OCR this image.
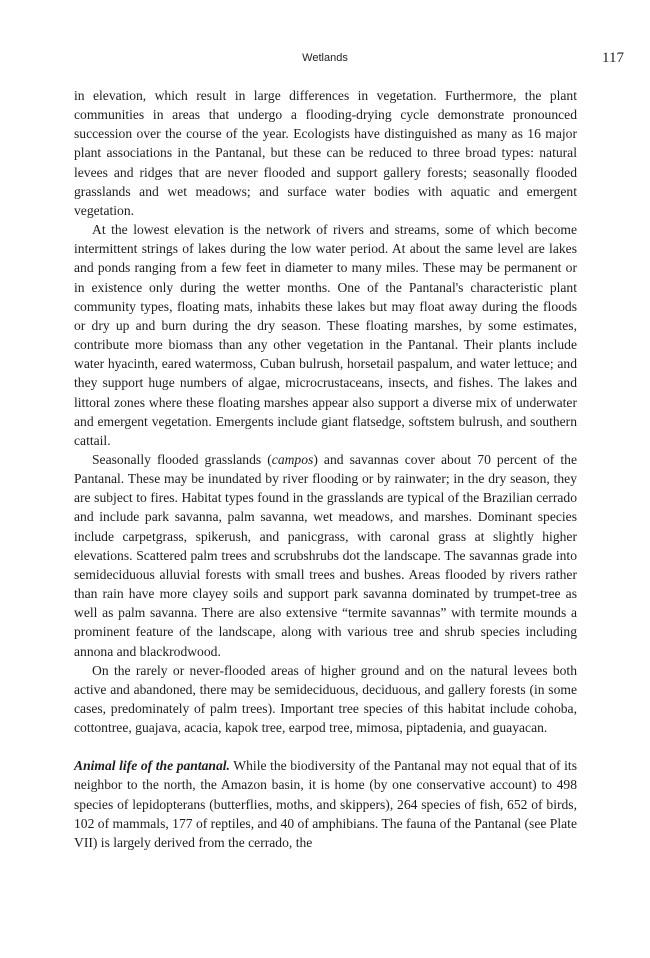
Wetlands	117

in elevation, which result in large differences in vegetation. Furthermore, the plant communities in areas that undergo a flooding-drying cycle demonstrate pronounced succession over the course of the year. Ecologists have distinguished as many as 16 major plant associations in the Pantanal, but these can be reduced to three broad types: natural levees and ridges that are never flooded and support gallery forests; seasonally flooded grasslands and wet meadows; and surface water bodies with aquatic and emergent vegetation.

At the lowest elevation is the network of rivers and streams, some of which become intermittent strings of lakes during the low water period. At about the same level are lakes and ponds ranging from a few feet in diameter to many miles. These may be permanent or in existence only during the wetter months. One of the Pantanal's characteristic plant community types, floating mats, inhabits these lakes but may float away during the floods or dry up and burn during the dry season. These floating marshes, by some estimates, contribute more biomass than any other vegetation in the Pantanal. Their plants include water hyacinth, eared watermoss, Cuban bulrush, horsetail paspalum, and water lettuce; and they support huge numbers of algae, microcrustaceans, insects, and fishes. The lakes and littoral zones where these floating marshes appear also support a diverse mix of underwater and emergent vegetation. Emergents include giant flatsedge, softstem bulrush, and southern cattail.

Seasonally flooded grasslands (campos) and savannas cover about 70 percent of the Pantanal. These may be inundated by river flooding or by rainwater; in the dry season, they are subject to fires. Habitat types found in the grasslands are typical of the Brazilian cerrado and include park savanna, palm savanna, wet meadows, and marshes. Dominant species include carpetgrass, spikerush, and panicgrass, with caronal grass at slightly higher elevations. Scattered palm trees and scrubshrubs dot the landscape. The savannas grade into semideciduous alluvial forests with small trees and bushes. Areas flooded by rivers rather than rain have more clayey soils and support park savanna dominated by trumpet-tree as well as palm savanna. There are also extensive “termite savannas” with termite mounds a prominent feature of the landscape, along with various tree and shrub species including annona and blackrodwood.

On the rarely or never-flooded areas of higher ground and on the natural levees both active and abandoned, there may be semideciduous, deciduous, and gallery forests (in some cases, predominately of palm trees). Important tree species of this habitat include cohoba, cottontree, guajava, acacia, kapok tree, earpod tree, mimosa, piptadenia, and guayacan.

Animal life of the pantanal. While the biodiversity of the Pantanal may not equal that of its neighbor to the north, the Amazon basin, it is home (by one conservative account) to 498 species of lepidopterans (butterflies, moths, and skippers), 264 species of fish, 652 of birds, 102 of mammals, 177 of reptiles, and 40 of amphibians. The fauna of the Pantanal (see Plate VII) is largely derived from the cerrado, the
